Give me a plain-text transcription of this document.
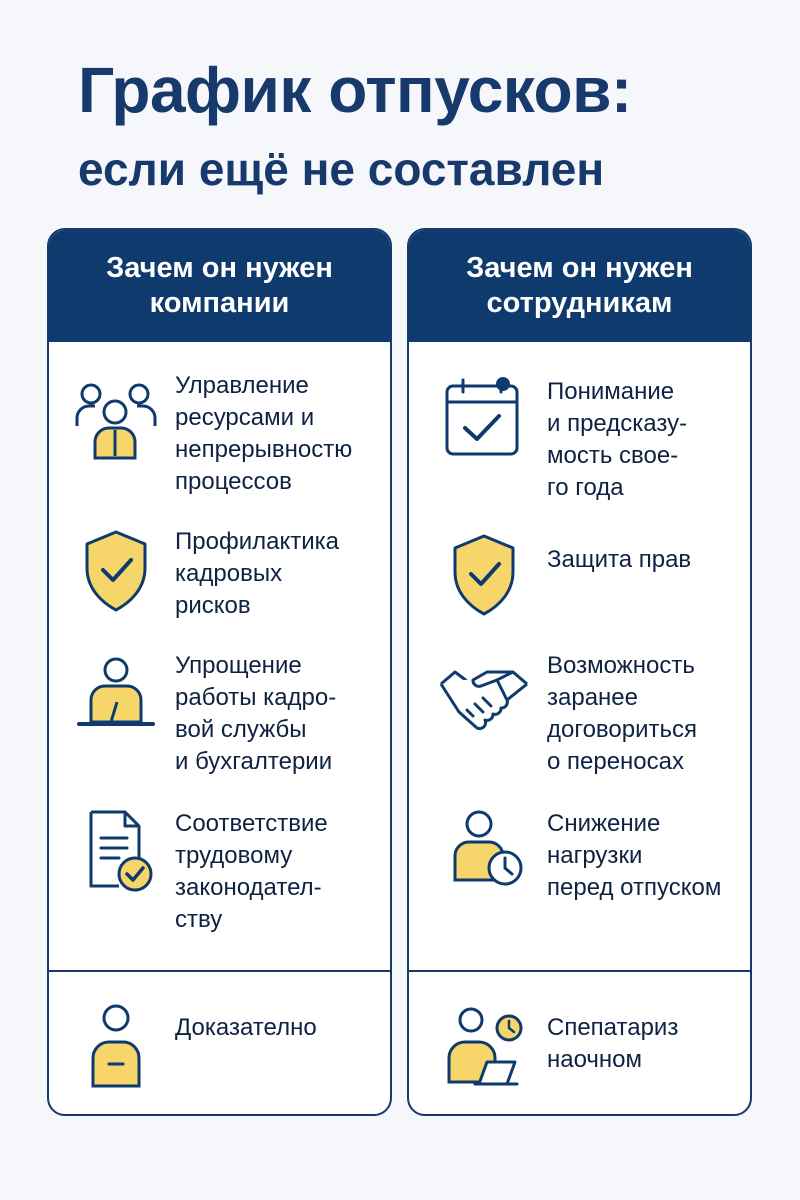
График отпусков:
если ещё не составлен
Зачем он нужен
компании
Улравление
ресурсами и
непрерывностю
процессов
Профилактика
кадровых
рисков
Упрощение
работы кадро-
вой службы
и бухгалтерии
Соответствие
трудовому
законодател-
ству
Доказателно
Зачем он нужен
сотрудникам
Понимание
и предсказу-
мость свое-
го года
Защита прав
Возможность
заранее
договориться
о переносах
Снижение
нагрузки
перед отпуском
Спепатариз
наочном
